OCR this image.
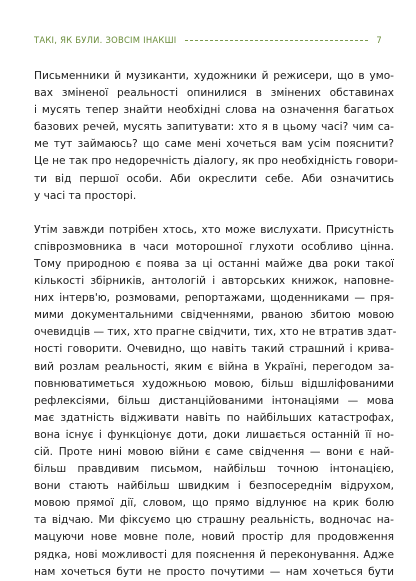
ТАКІ, ЯК БУЛИ. ЗОВСІМ ІНАКШІ	7
Письменники й музиканти, художники й режисери, що в умо-
вах зміненої реальності опинилися в змінених обставинах
і мусять тепер знайти необхідні слова на означення багатьох
базових речей, мусять запитувати: хто я в цьому часі? чим са-
ме тут займаюсь? що саме мені хочеться вам усім пояснити?
Це не так про недоречність діалогу, як про необхідність говори-
ти від першої особи. Аби окреслити себе. Аби означитись
у часі та просторі.
Утім завжди потрібен хтось, хто може вислухати. Присутність
співрозмовника в часи моторошної глухоти особливо цінна.
Тому природною є поява за ці останні майже два роки такої
кількості збірників, антологій і авторських книжок, наповне-
них інтерв'ю, розмовами, репортажами, щоденниками — пря-
мими документальними свідченнями, рваною збитою мовою
очевидців — тих, хто прагне свідчити, тих, хто не втратив здат-
ності говорити. Очевидно, що навіть такий страшний і крива-
вий розлам реальності, яким є війна в Україні, перегодом за-
повнюватиметься художньою мовою, більш відшліфованими
рефлексіями, більш дистанційованими інтонаціями — мова
має здатність відживати навіть по найбільших катастрофах,
вона існує і функціонує доти, доки лишається останній її но-
сій. Проте нині мовою війни є саме свідчення — вони є най-
більш правдивим письмом, найбільш точною інтонацією,
вони стають найбільш швидким і безпосереднім відрухом,
мовою прямої дії, словом, що прямо відлунює на крик болю
та відчаю. Ми фіксуємо цю страшну реальність, водночас на-
мацуючи нове мовне поле, новий простір для продовження
рядка, нові можливості для пояснення й переконування. Адже
нам хочеться бути не просто почутими — нам хочеться бути
